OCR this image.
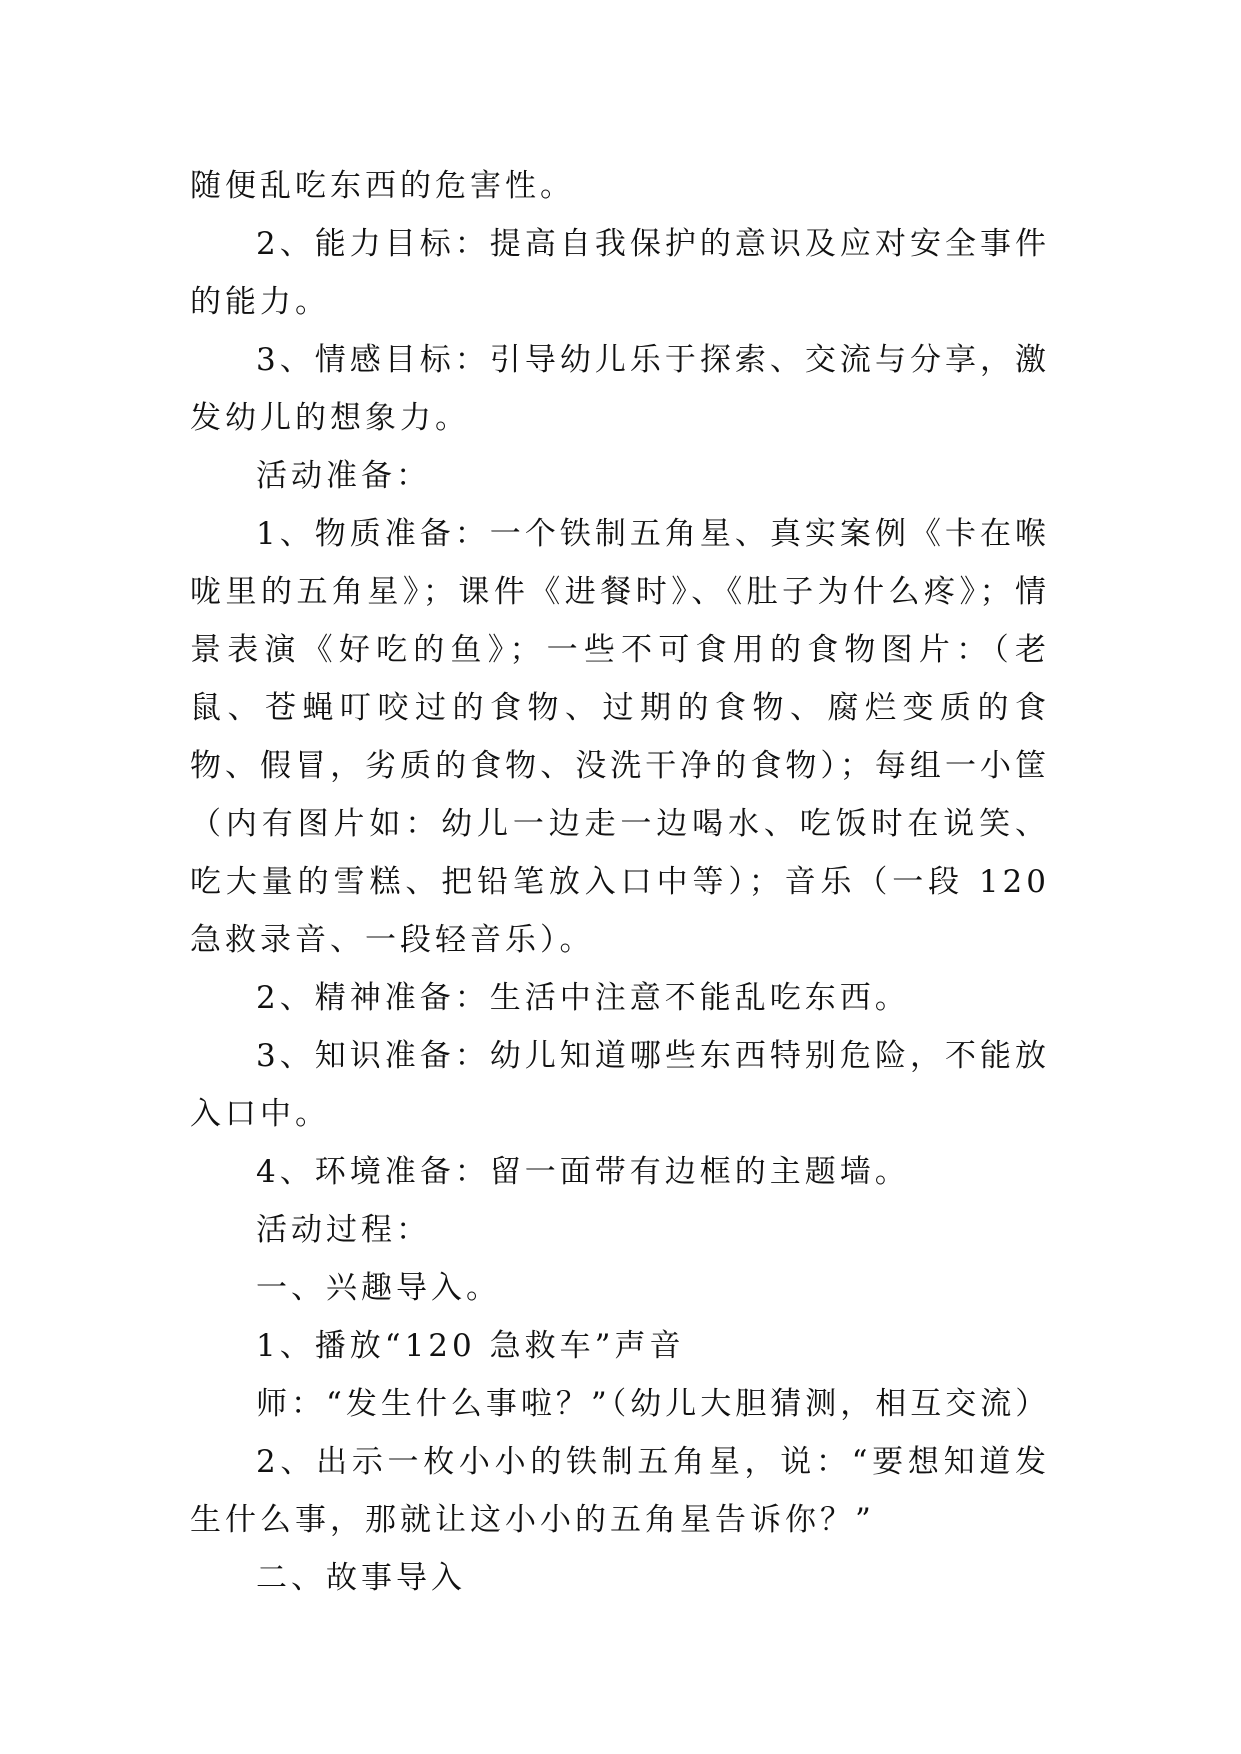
随便乱吃东西的危害性。

2、能力目标：提高自我保护的意识及应对安全事件的能力。

3、情感目标：引导幼儿乐于探索、交流与分享，激发幼儿的想象力。

活动准备：

1、物质准备：一个铁制五角星、真实案例《卡在喉咙里的五角星》；课件《进餐时》、《肚子为什么疼》；情景表演《好吃的鱼》；一些不可食用的食物图片：（老鼠、苍蝇叮咬过的食物、过期的食物、腐烂变质的食物、假冒，劣质的食物、没洗干净的食物）；每组一小筐（内有图片如：幼儿一边走一边喝水、吃饭时在说笑、吃大量的雪糕、把铅笔放入口中等）；音乐（一段 120 急救录音、一段轻音乐）。

2、精神准备：生活中注意不能乱吃东西。

3、知识准备：幼儿知道哪些东西特别危险，不能放入口中。

4、环境准备：留一面带有边框的主题墙。

活动过程：

一、兴趣导入。

1、播放“120 急救车”声音

师：“发生什么事啦？”（幼儿大胆猜测，相互交流）

2、出示一枚小小的铁制五角星，说：“要想知道发生什么事，那就让这小小的五角星告诉你？”

二、故事导入
